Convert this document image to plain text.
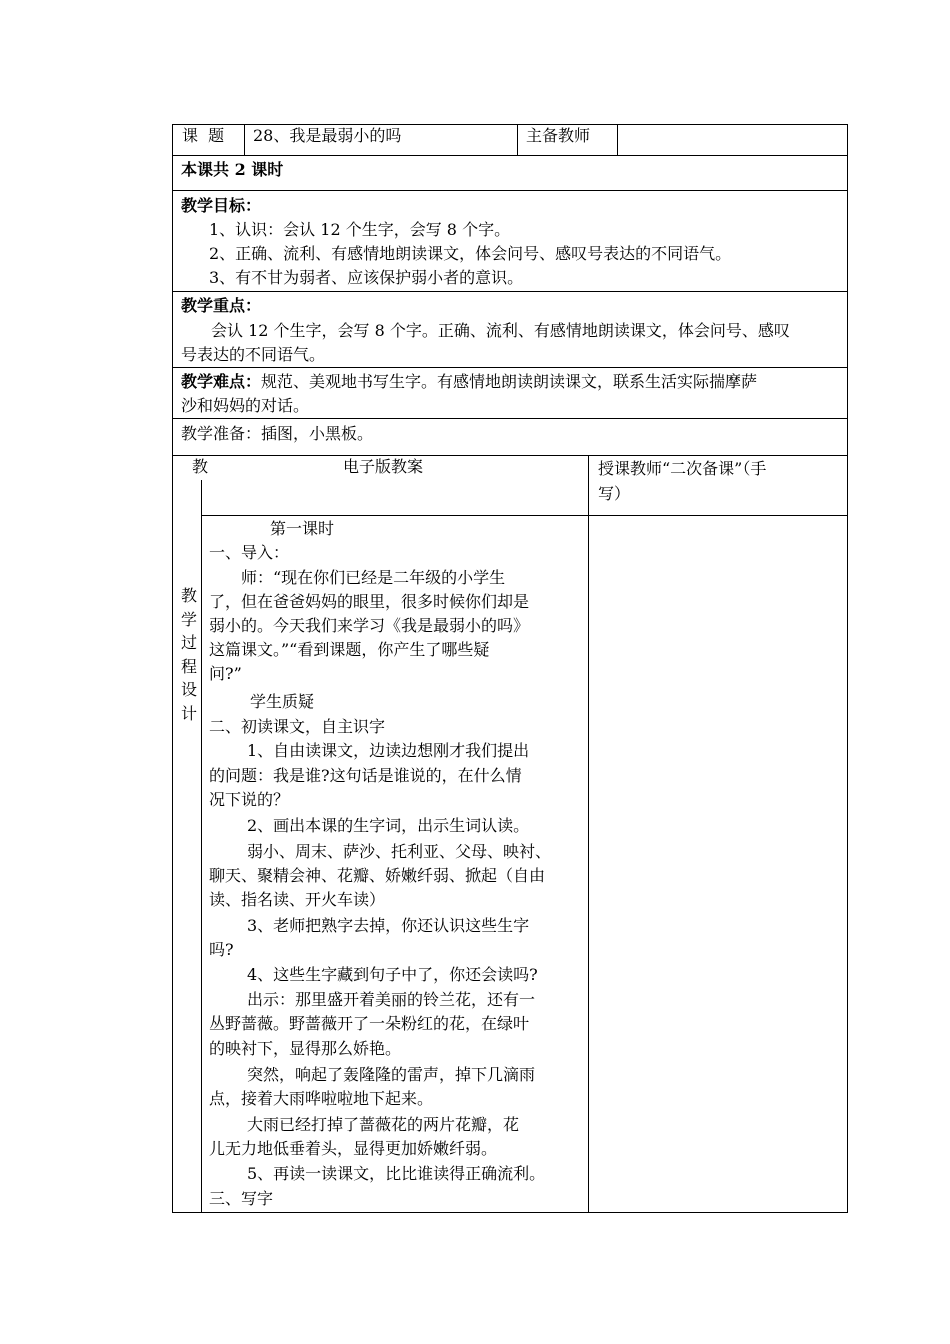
课  题 28、我是最弱小的吗	主备教师
本课共 2 课时
教学目标：
1、认识：会认 12 个生字，会写 8 个字。
2、正确、流利、有感情地朗读课文，体会问号、感叹号表达的不同语气。
3、有不甘为弱者、应该保护弱小者的意识。
教学重点：
会认 12 个生字，会写 8 个字。正确、流利、有感情地朗读课文，体会问号、感叹
号表达的不同语气。
教学难点： 规范、美观地书写生字。有感情地朗读朗读课文，联系生活实际揣摩萨
沙和妈妈的对话。
教学准备：插图，小黑板。
教	电子版教案	授课教师“二次备课”（手
写）
教学过程设计
第一课时
一、导入：
师：“现在你们已经是二年级的小学生
了，但在爸爸妈妈的眼里，很多时候你们却是
弱小的。今天我们来学习《我是最弱小的吗》
这篇课文。”“看到课题，你产生了哪些疑
问?”
学生质疑
二、初读课文，自主识字
1、自由读课文，边读边想刚才我们提出
的问题：我是谁?这句话是谁说的，在什么情
况下说的？
2、画出本课的生字词，出示生词认读。
弱小、周末、萨沙、托利亚、父母、映衬、
聊天、聚精会神、花瓣、娇嫩纤弱、掀起（自由
读、指名读、开火车读）
3、老师把熟字去掉，你还认识这些生字
吗?
4、这些生字藏到句子中了，你还会读吗?
出示：那里盛开着美丽的铃兰花，还有一
丛野蔷薇。野蔷薇开了一朵粉红的花，在绿叶
的映衬下，显得那么娇艳。
突然，响起了轰隆隆的雷声，掉下几滴雨
点，接着大雨哗啦啦地下起来。
大雨已经打掉了蔷薇花的两片花瓣，花
儿无力地低垂着头，显得更加娇嫩纤弱。
5、再读一读课文，比比谁读得正确流利。
三、写字
